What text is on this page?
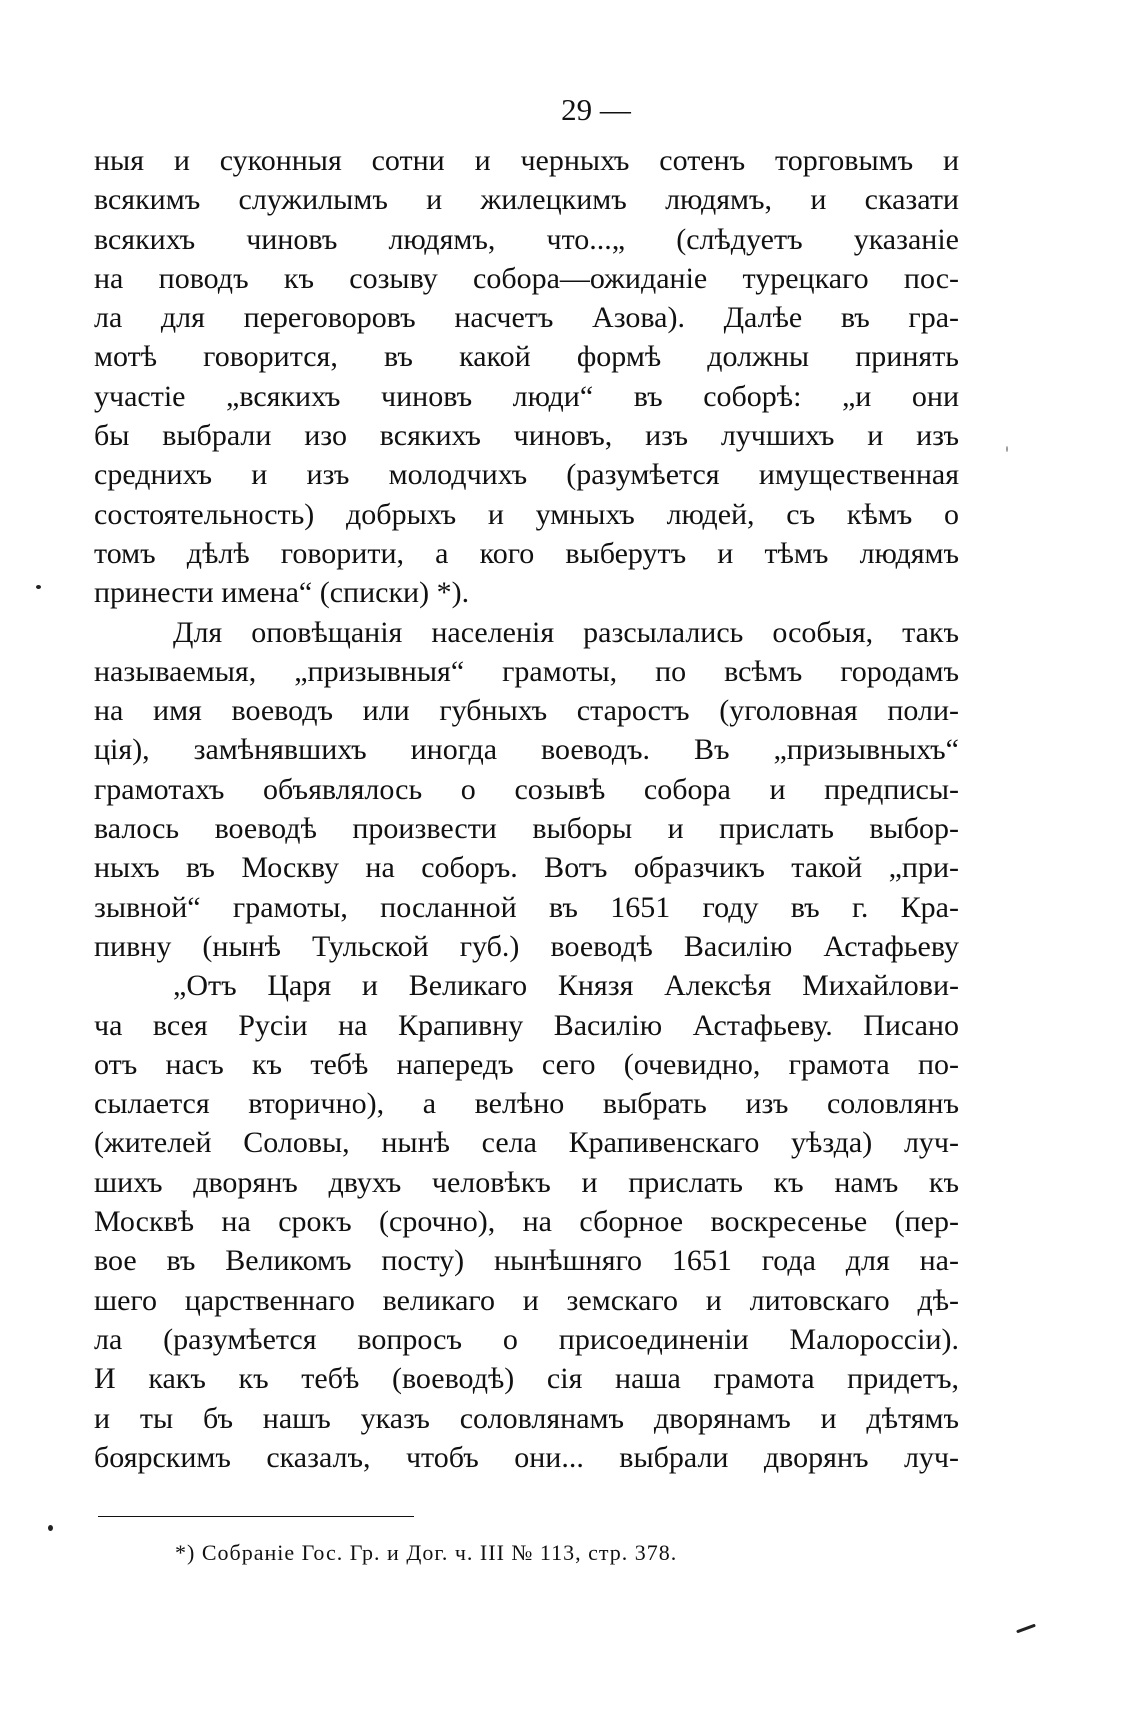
29 —
ныя и суконныя сотни и черныхъ сотенъ торговымъ и
всякимъ служилымъ и жилецкимъ людямъ, и сказати
всякихъ чиновъ людямъ, что...„ (слѣдуетъ указаніе
на поводъ къ созыву собора—ожиданіе турецкаго пос-
ла для переговоровъ насчетъ Азова). Далѣе въ гра-
мотѣ говорится, въ какой формѣ должны принять
участіе „всякихъ чиновъ люди“ въ соборѣ: „и они
бы выбрали изо всякихъ чиновъ, изъ лучшихъ и изъ
среднихъ и изъ молодчихъ (разумѣется имущественная
состоятельность) добрыхъ и умныхъ людей, съ кѣмъ о
томъ дѣлѣ говорити, а кого выберутъ и тѣмъ людямъ
принести имена“ (списки) *).
Для оповѣщанія населенія разсылались особыя, такъ
называемыя, „призывныя“ грамоты, по всѣмъ городамъ
на имя воеводъ или губныхъ старостъ (уголовная поли-
ція), замѣнявшихъ иногда воеводъ. Въ „призывныхъ“
грамотахъ объявлялось о созывѣ собора и предписы-
валось воеводѣ произвести выборы и прислать выбор-
ныхъ въ Москву на соборъ. Вотъ образчикъ такой „при-
зывной“ грамоты, посланной въ 1651 году въ г. Кра-
пивну (нынѣ Тульской губ.) воеводѣ Василію Астафьеву
„Отъ Царя и Великаго Князя Алексѣя Михайлови-
ча всея Русіи на Крапивну Василію Астафьеву. Писано
отъ насъ къ тебѣ напередъ сего (очевидно, грамота по-
сылается вторично), а велѣно выбрать изъ соловлянъ
(жителей Соловы, нынѣ села Крапивенскаго уѣзда) луч-
шихъ дворянъ двухъ человѣкъ и прислать къ намъ къ
Москвѣ на срокъ (срочно), на сборное воскресенье (пер-
вое въ Великомъ посту) нынѣшняго 1651 года для на-
шего царственнаго великаго и земскаго и литовскаго дѣ-
ла (разумѣется вопросъ о присоединеніи Малороссіи).
И какъ къ тебѣ (воеводѣ) сія наша грамота придетъ,
и ты бъ нашъ указъ соловлянамъ дворянамъ и дѣтямъ
боярскимъ сказалъ, чтобъ они... выбрали дворянъ луч-
*) Собраніе Гос. Гр. и Дог. ч. III № 113, стр. 378.
